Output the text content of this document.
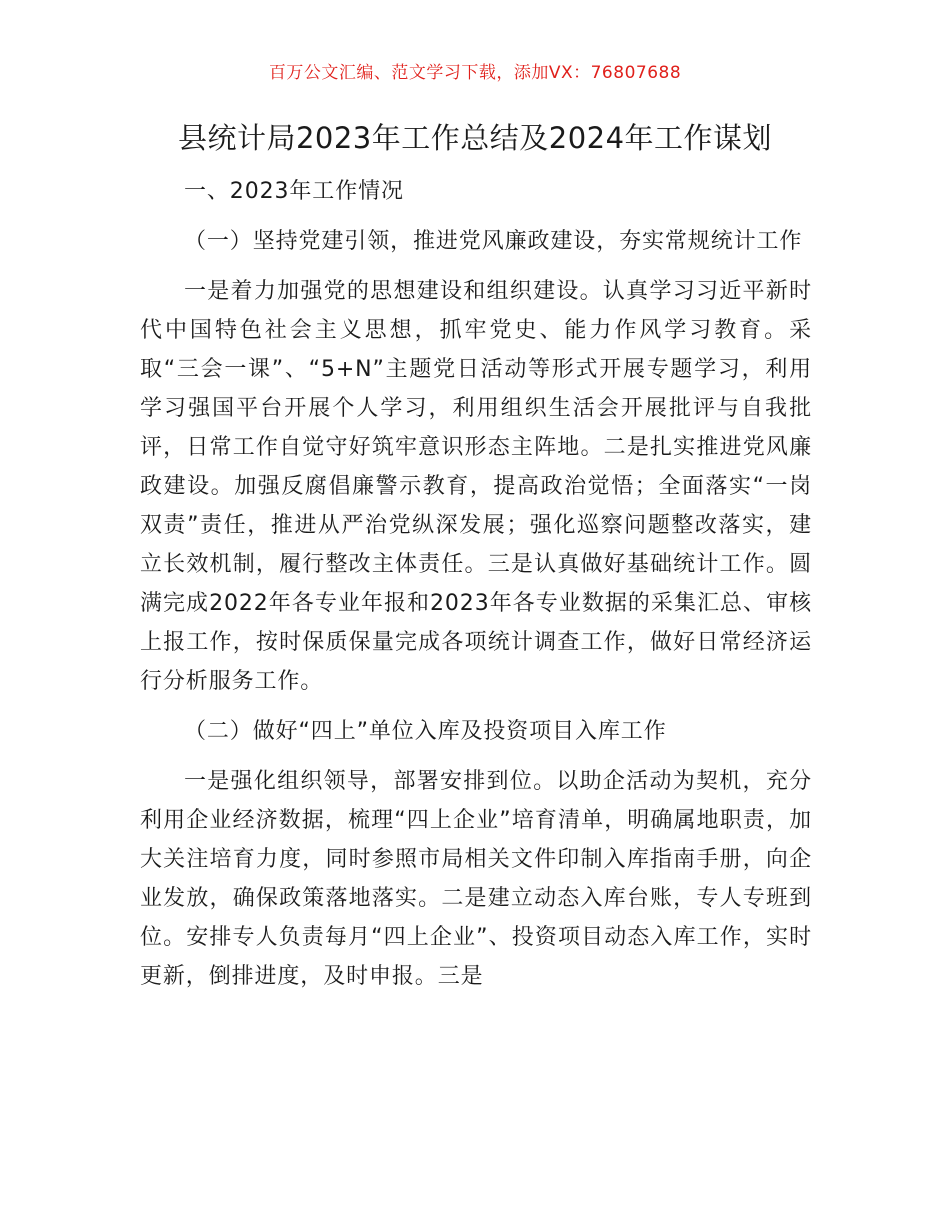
百万公文汇编、范文学习下载，添加VX：76807688
县统计局2023年工作总结及2024年工作谋划

一、2023年工作情况

（一）坚持党建引领，推进党风廉政建设，夯实常规统计工作

一是着力加强党的思想建设和组织建设。认真学习习近平新时代中国特色社会主义思想，抓牢党史、能力作风学习教育。采取“三会一课”、“5+N”主题党日活动等形式开展专题学习，利用学习强国平台开展个人学习，利用组织生活会开展批评与自我批评，日常工作自觉守好筑牢意识形态主阵地。二是扎实推进党风廉政建设。加强反腐倡廉警示教育，提高政治觉悟；全面落实“一岗双责”责任，推进从严治党纵深发展；强化巡察问题整改落实，建立长效机制，履行整改主体责任。三是认真做好基础统计工作。圆满完成2022年各专业年报和2023年各专业数据的采集汇总、审核上报工作，按时保质保量完成各项统计调查工作，做好日常经济运行分析服务工作。

（二）做好“四上”单位入库及投资项目入库工作

一是强化组织领导，部署安排到位。以助企活动为契机，充分利用企业经济数据，梳理“四上企业”培育清单，明确属地职责，加大关注培育力度，同时参照市局相关文件印制入库指南手册，向企业发放，确保政策落地落实。二是建立动态入库台账，专人专班到位。安排专人负责每月“四上企业”、投资项目动态入库工作，实时更新，倒排进度，及时申报。三是
